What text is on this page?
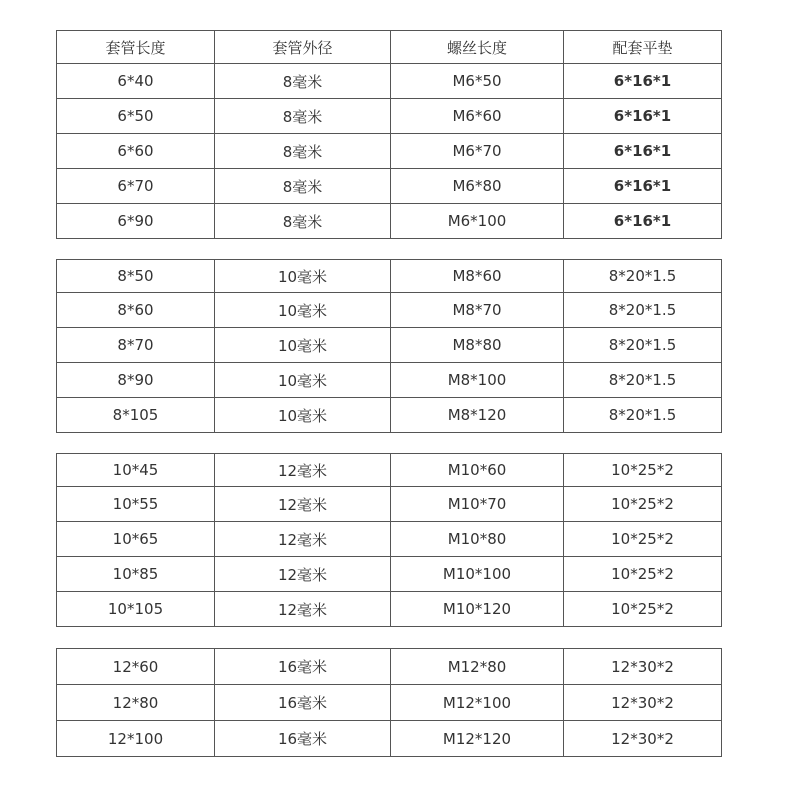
套管长度	套管外径	螺丝长度	配套平垫
6*40	8毫米	M6*50	6*16*1
6*50	8毫米	M6*60	6*16*1
6*60	8毫米	M6*70	6*16*1
6*70	8毫米	M6*80	6*16*1
6*90	8毫米	M6*100	6*16*1
8*50	10毫米	M8*60	8*20*1.5
8*60	10毫米	M8*70	8*20*1.5
8*70	10毫米	M8*80	8*20*1.5
8*90	10毫米	M8*100	8*20*1.5
8*105	10毫米	M8*120	8*20*1.5
10*45	12毫米	M10*60	10*25*2
10*55	12毫米	M10*70	10*25*2
10*65	12毫米	M10*80	10*25*2
10*85	12毫米	M10*100	10*25*2
10*105	12毫米	M10*120	10*25*2
12*60	16毫米	M12*80	12*30*2
12*80	16毫米	M12*100	12*30*2
12*100	16毫米	M12*120	12*30*2
